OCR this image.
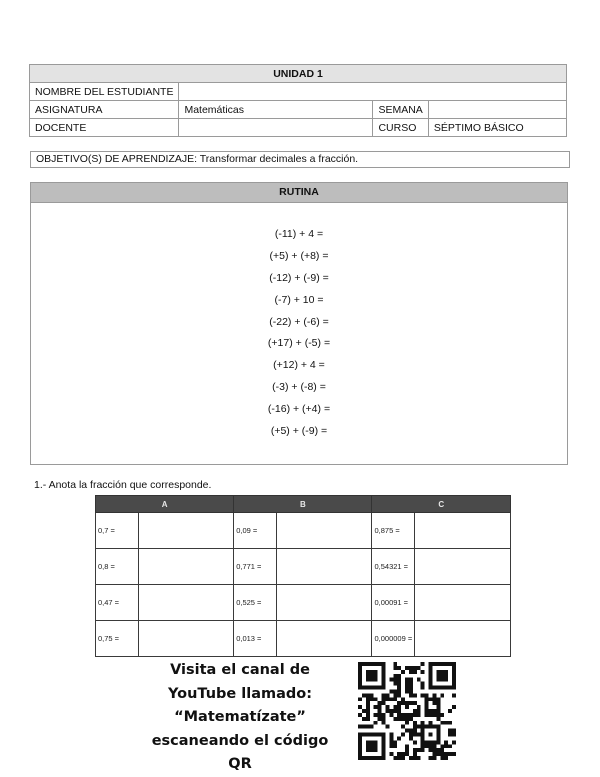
UNIDAD 1			
NOMBRE DEL ESTUDIANTE			
ASIGNATURA	Matemáticas	SEMANA	
DOCENTE		CURSO	SÉPTIMO BÁSICO
OBJETIVO(S) DE APRENDIZAJE: Transformar decimales a fracción.
RUTINA
(-11) + 4 =
(+5) + (+8) =
(-12) + (-9) =
(-7) + 10 =
(-22) + (-6) =
(+17) + (-5) =
(+12) + 4 =
(-3) + (-8) =
(-16) + (+4) =
(+5) + (-9) =
1.- Anota la fracción que corresponde.
A		B		C	
0,7 =		0,09 =		0,875 =	
0,8 =		0,771 =		0,54321 =	
0,47 =		0,525 =		0,00091 =	
0,75 =		0,013 =		0,000009 =	
Visita el canal de
YouTube llamado:
“Matematízate”
escaneando el código QR
